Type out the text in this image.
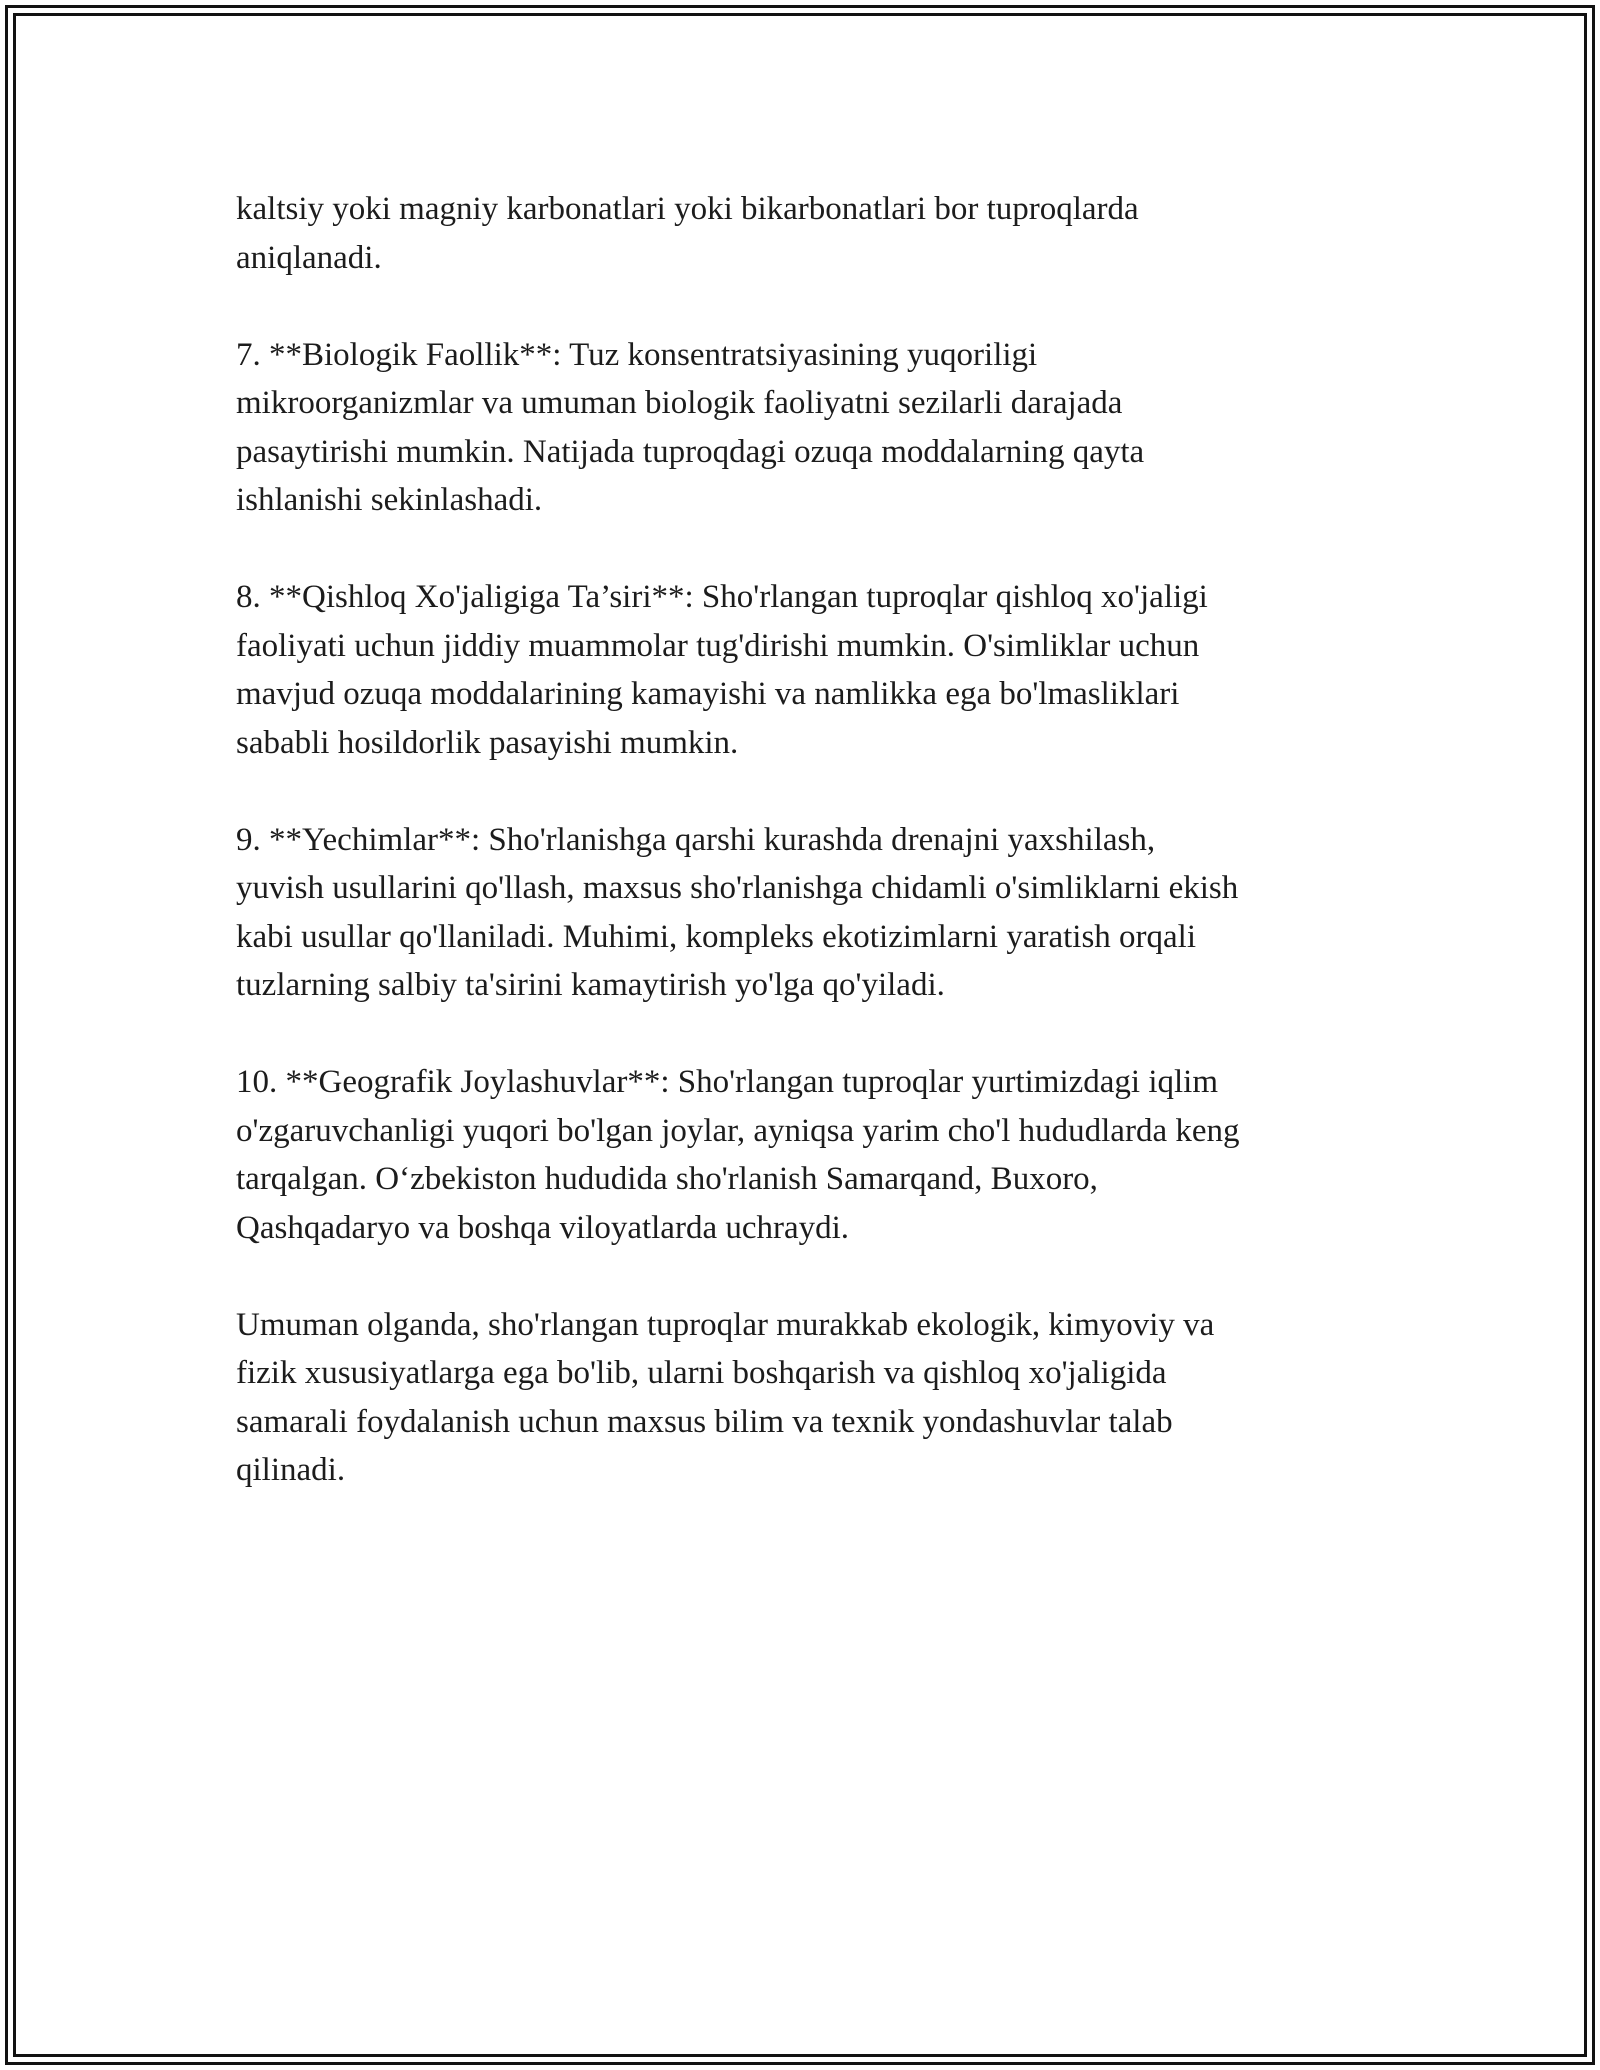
kaltsiy yoki magniy karbonatlari yoki bikarbonatlari bor tuproqlarda
aniqlanadi.

7. **Biologik Faollik**: Tuz konsentratsiyasining yuqoriligi
mikroorganizmlar va umuman biologik faoliyatni sezilarli darajada
pasaytirishi mumkin. Natijada tuproqdagi ozuqa moddalarning qayta
ishlanishi sekinlashadi.

8. **Qishloq Xo'jaligiga Ta’siri**: Sho'rlangan tuproqlar qishloq xo'jaligi
faoliyati uchun jiddiy muammolar tug'dirishi mumkin. O'simliklar uchun
mavjud ozuqa moddalarining kamayishi va namlikka ega bo'lmasliklari
sababli hosildorlik pasayishi mumkin.

9. **Yechimlar**: Sho'rlanishga qarshi kurashda drenajni yaxshilash,
yuvish usullarini qo'llash, maxsus sho'rlanishga chidamli o'simliklarni ekish
kabi usullar qo'llaniladi. Muhimi, kompleks ekotizimlarni yaratish orqali
tuzlarning salbiy ta'sirini kamaytirish yo'lga qo'yiladi.

10. **Geografik Joylashuvlar**: Sho'rlangan tuproqlar yurtimizdagi iqlim
o'zgaruvchanligi yuqori bo'lgan joylar, ayniqsa yarim cho'l hududlarda keng
tarqalgan. O‘zbekiston hududida sho'rlanish Samarqand, Buxoro,
Qashqadaryo va boshqa viloyatlarda uchraydi.

Umuman olganda, sho'rlangan tuproqlar murakkab ekologik, kimyoviy va
fizik xususiyatlarga ega bo'lib, ularni boshqarish va qishloq xo'jaligida
samarali foydalanish uchun maxsus bilim va texnik yondashuvlar talab
qilinadi.
